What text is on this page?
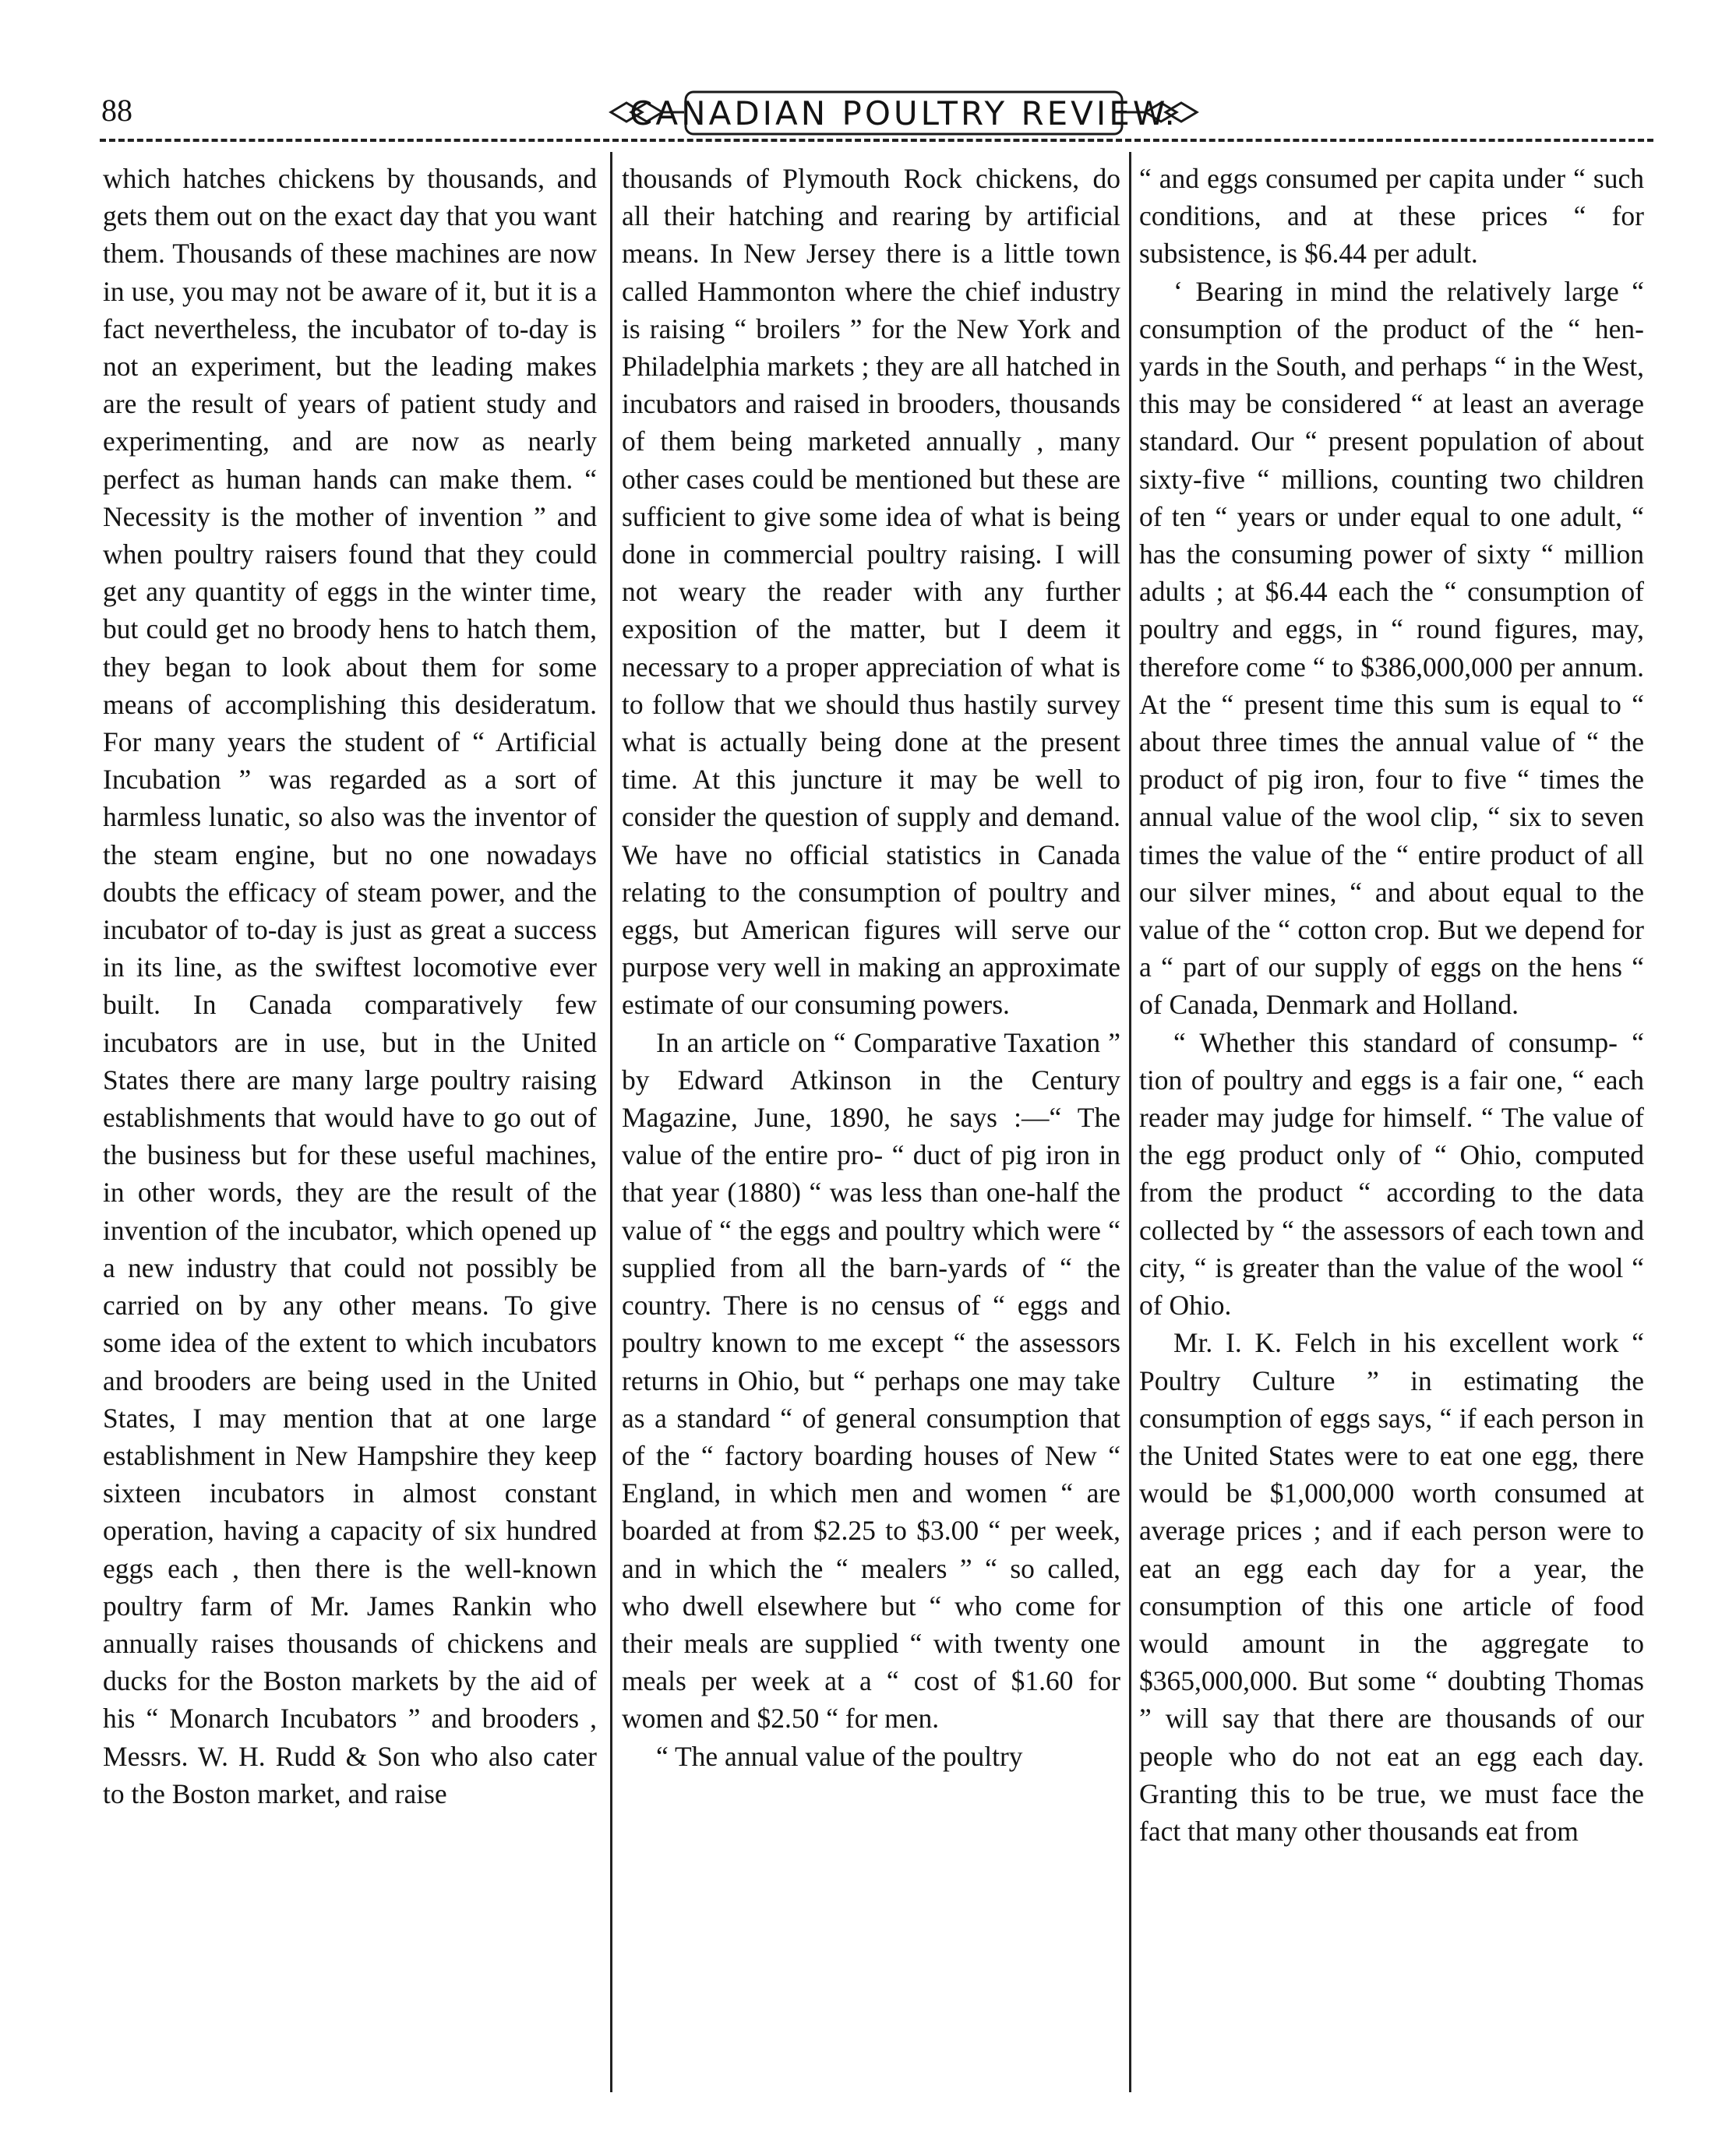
88	CANADIAN POULTRY REVIEW.

which hatches chickens by thousands, and gets them out on the exact day that you want them. Thousands of these machines are now in use, you may not be aware of it, but it is a fact nevertheless, the incubator of to-day is not an experiment, but the leading makes are the result of years of patient study and experimenting, and are now as nearly perfect as human hands can make them. “ Necessity is the mother of invention ” and when poultry raisers found that they could get any quantity of eggs in the winter time, but could get no broody hens to hatch them, they began to look about them for some means of accomplishing this desideratum. For many years the student of “ Artificial Incubation ” was regarded as a sort of harmless lunatic, so also was the inventor of the steam engine, but no one nowadays doubts the efficacy of steam power, and the incubator of to-day is just as great a success in its line, as the swiftest locomotive ever built. In Canada comparatively few incubators are in use, but in the United States there are many large poultry raising establishments that would have to go out of the business but for these useful machines, in other words, they are the result of the invention of the incubator, which opened up a new industry that could not possibly be carried on by any other means. To give some idea of the extent to which incubators and brooders are being used in the United States, I may mention that at one large establishment in New Hampshire they keep sixteen incubators in almost constant operation, having a capacity of six hundred eggs each , then there is the well-known poultry farm of Mr. James Rankin who annually raises thousands of chickens and ducks for the Boston markets by the aid of his “ Monarch Incubators ” and brooders , Messrs. W. H. Rudd & Son who also cater to the Boston market, and raise

thousands of Plymouth Rock chickens, do all their hatching and rearing by artificial means. In New Jersey there is a little town called Hammonton where the chief industry is raising “ broilers ” for the New York and Philadelphia markets ; they are all hatched in incubators and raised in brooders, thousands of them being marketed annually , many other cases could be mentioned but these are sufficient to give some idea of what is being done in commercial poultry raising. I will not weary the reader with any further exposition of the matter, but I deem it necessary to a proper appreciation of what is to follow that we should thus hastily survey what is actually being done at the present time. At this juncture it may be well to consider the question of supply and demand. We have no official statistics in Canada relating to the consumption of poultry and eggs, but American figures will serve our purpose very well in making an approximate estimate of our consuming powers.

In an article on “ Comparative Taxation ” by Edward Atkinson in the Century Magazine, June, 1890, he says :—“ The value of the entire pro- “ duct of pig iron in that year (1880) “ was less than one-half the value of “ the eggs and poultry which were “ supplied from all the barn-yards of “ the country. There is no census of “ eggs and poultry known to me except “ the assessors returns in Ohio, but “ perhaps one may take as a standard “ of general consumption that of the “ factory boarding houses of New “ England, in which men and women “ are boarded at from $2.25 to $3.00 “ per week, and in which the “ mealers ” “ so called, who dwell elsewhere but “ who come for their meals are supplied “ with twenty one meals per week at a “ cost of $1.60 for women and $2.50 “ for men.

“ The annual value of the poultry

“ and eggs consumed per capita under “ such conditions, and at these prices “ for subsistence, is $6.44 per adult.

‘ Bearing in mind the relatively large “ consumption of the product of the “ hen-yards in the South, and perhaps “ in the West, this may be considered “ at least an average standard. Our “ present population of about sixty-five “ millions, counting two children of ten “ years or under equal to one adult, “ has the consuming power of sixty “ million adults ; at $6.44 each the “ consumption of poultry and eggs, in “ round figures, may, therefore come “ to $386,000,000 per annum. At the “ present time this sum is equal to “ about three times the annual value of “ the product of pig iron, four to five “ times the annual value of the wool clip, “ six to seven times the value of the “ entire product of all our silver mines, “ and about equal to the value of the “ cotton crop. But we depend for a “ part of our supply of eggs on the hens “ of Canada, Denmark and Holland.

“ Whether this standard of consump- “ tion of poultry and eggs is a fair one, “ each reader may judge for himself. “ The value of the egg product only of “ Ohio, computed from the product “ according to the data collected by “ the assessors of each town and city, “ is greater than the value of the wool “ of Ohio.

Mr. I. K. Felch in his excellent work “ Poultry Culture ” in estimating the consumption of eggs says, “ if each person in the United States were to eat one egg, there would be $1,000,000 worth consumed at average prices ; and if each person were to eat an egg each day for a year, the consumption of this one article of food would amount in the aggregate to $365,000,000. But some “ doubting Thomas ” will say that there are thousands of our people who do not eat an egg each day. Granting this to be true, we must face the fact that many other thousands eat from
